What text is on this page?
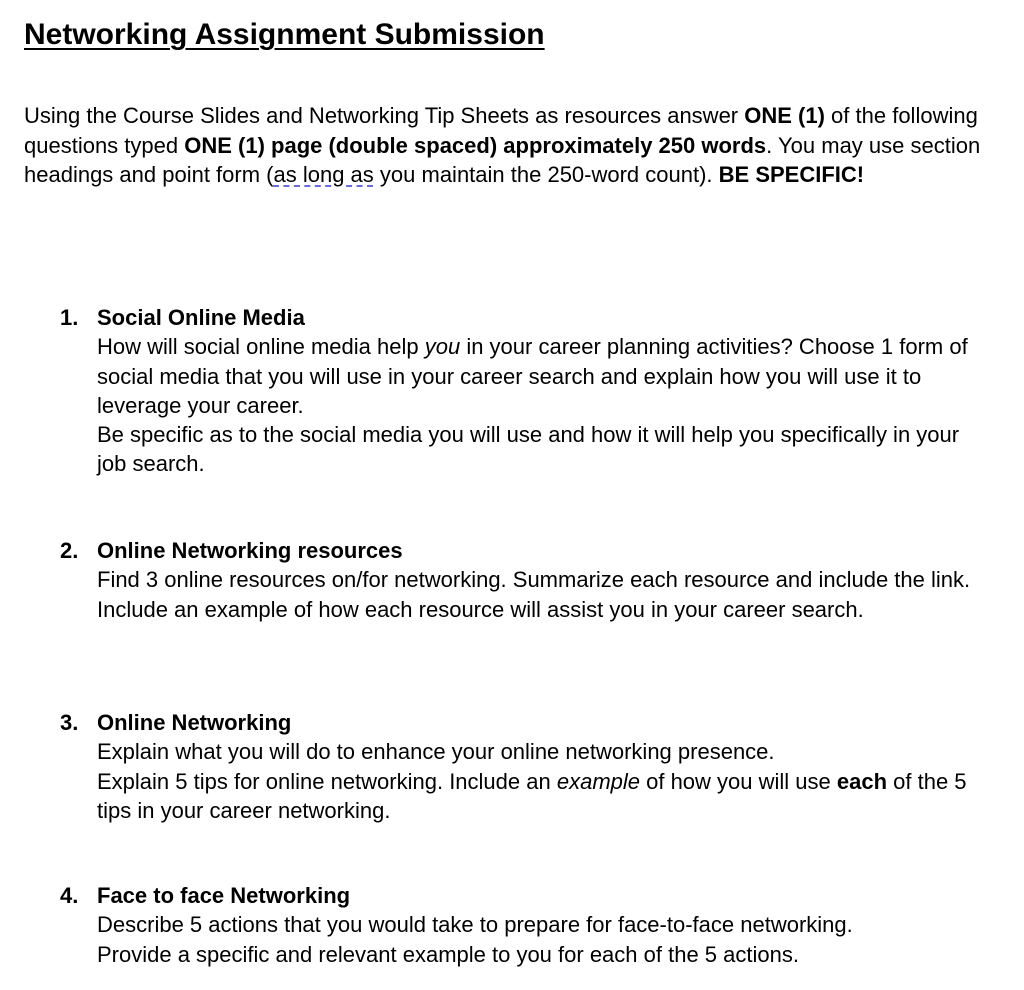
Networking Assignment Submission

Using the Course Slides and Networking Tip Sheets as resources answer ONE (1) of the following questions typed ONE (1) page (double spaced) approximately 250 words. You may use section headings and point form (as long as you maintain the 250-word count). BE SPECIFIC!

1. Social Online Media
How will social online media help you in your career planning activities? Choose 1 form of social media that you will use in your career search and explain how you will use it to leverage your career.
Be specific as to the social media you will use and how it will help you specifically in your job search.
2. Online Networking resources
Find 3 online resources on/for networking. Summarize each resource and include the link.
Include an example of how each resource will assist you in your career search.
3. Online Networking
Explain what you will do to enhance your online networking presence.
Explain 5 tips for online networking. Include an example of how you will use each of the 5 tips in your career networking.
4. Face to face Networking
Describe 5 actions that you would take to prepare for face-to-face networking.
Provide a specific and relevant example to you for each of the 5 actions.
